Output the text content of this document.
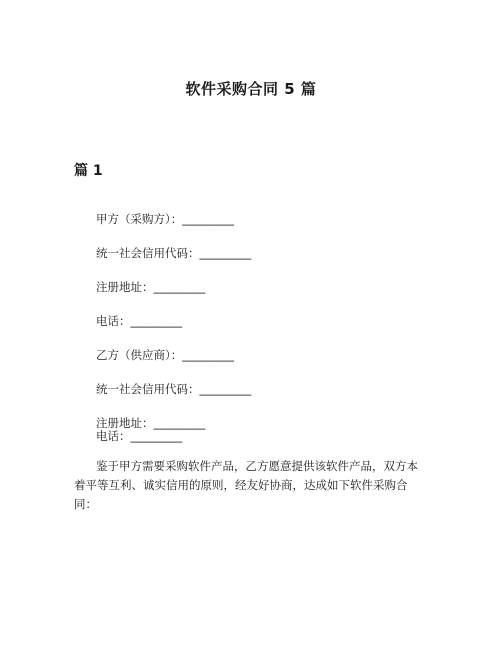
软件采购合同 5 篇
篇 1
甲方（采购方）：_________
统一社会信用代码：_________
注册地址：_________
电话：_________
乙方（供应商）：_________
统一社会信用代码：_________
注册地址：_________
电话：_________
鉴于甲方需要采购软件产品，乙方愿意提供该软件产品，双方本
着平等互利、诚实信用的原则，经友好协商，达成如下软件采购合
同：
